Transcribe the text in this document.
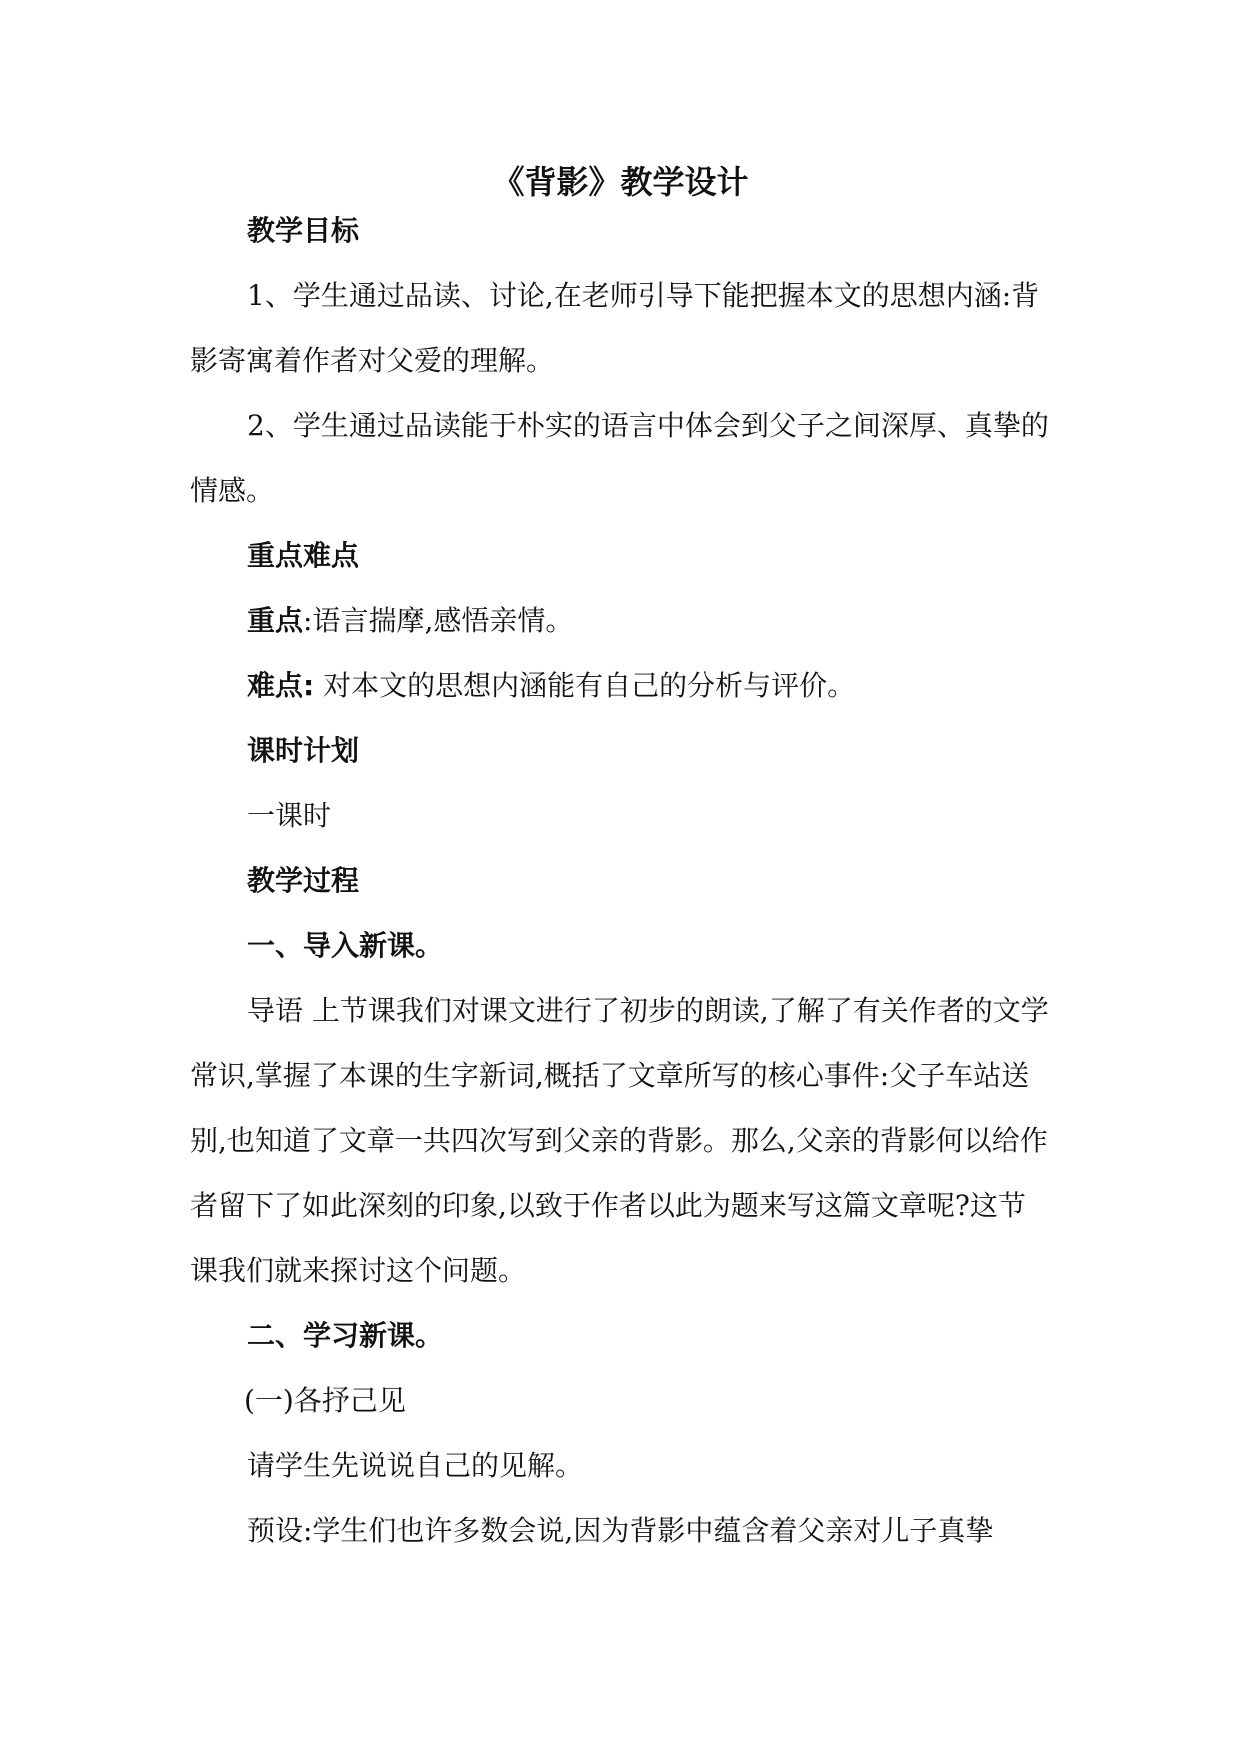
《背影》教学设计

教学目标

1、学生通过品读、讨论,在老师引导下能把握本文的思想内涵:背影寄寓着作者对父爱的理解。

2、学生通过品读能于朴实的语言中体会到父子之间深厚、真挚的情感。

重点难点

重点:语言揣摩,感悟亲情。

难点: 对本文的思想内涵能有自己的分析与评价。

课时计划

一课时

教学过程

一、导入新课。

导语 上节课我们对课文进行了初步的朗读,了解了有关作者的文学常识,掌握了本课的生字新词,概括了文章所写的核心事件:父子车站送别,也知道了文章一共四次写到父亲的背影。那么,父亲的背影何以给作者留下了如此深刻的印象,以致于作者以此为题来写这篇文章呢?这节课我们就来探讨这个问题。

二、学习新课。

(一)各抒己见

请学生先说说自己的见解。

预设:学生们也许多数会说,因为背影中蕴含着父亲对儿子真挚
